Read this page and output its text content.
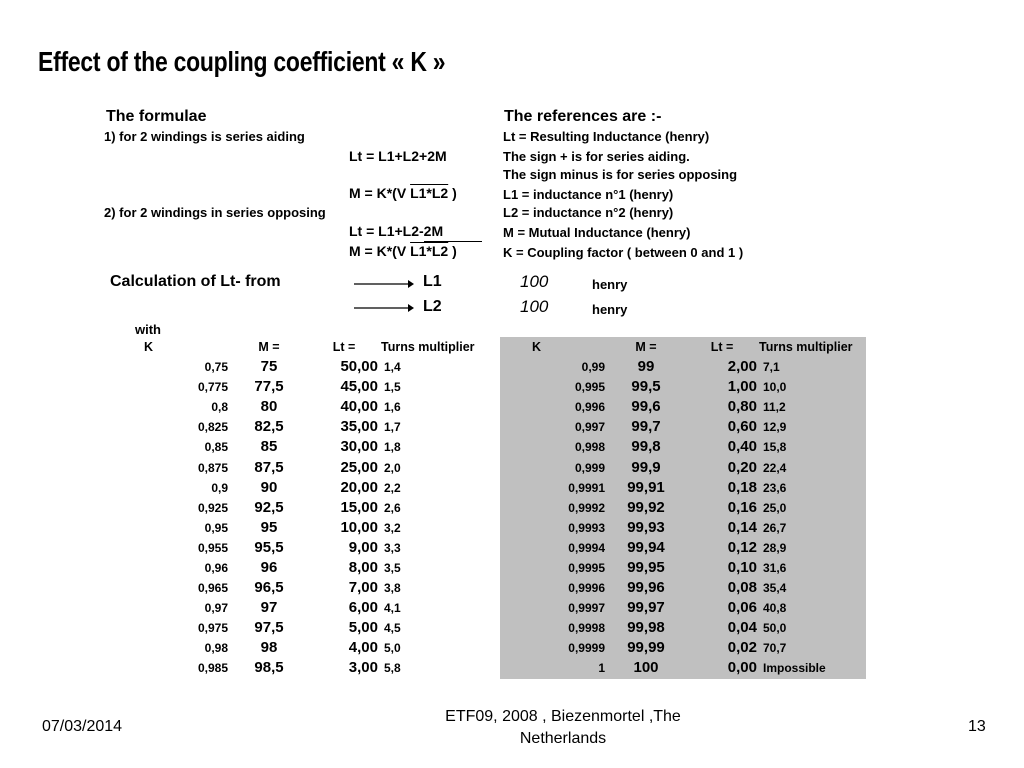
Effect of the coupling coefficient « K »
The formulae
1) for 2 windings is series aiding
Lt = L1+L2+2M
M = K*(V L1*L2 )
2) for 2 windings in series opposing
Lt = L1+L2-2M
M = K*(V L1*L2 )
The references are :-
Lt = Resulting Inductance (henry)
The sign + is for series aiding.
The sign minus is for series opposing
L1 = inductance n°1 (henry)
L2 = inductance n°2 (henry)
M = Mutual Inductance (henry)
K = Coupling factor ( between 0 and 1 )
Calculation of Lt- from	L1	100	henry
L2	100	henry
with
K	M =	Lt =	Turns multiplier
0,75	75	50,00	1,4
0,775	77,5	45,00	1,5
0,8	80	40,00	1,6
0,825	82,5	35,00	1,7
0,85	85	30,00	1,8
0,875	87,5	25,00	2,0
0,9	90	20,00	2,2
0,925	92,5	15,00	2,6
0,95	95	10,00	3,2
0,955	95,5	9,00	3,3
0,96	96	8,00	3,5
0,965	96,5	7,00	3,8
0,97	97	6,00	4,1
0,975	97,5	5,00	4,5
0,98	98	4,00	5,0
0,985	98,5	3,00	5,8
K	M =	Lt =	Turns multiplier
0,99	99	2,00	7,1
0,995	99,5	1,00	10,0
0,996	99,6	0,80	11,2
0,997	99,7	0,60	12,9
0,998	99,8	0,40	15,8
0,999	99,9	0,20	22,4
0,9991	99,91	0,18	23,6
0,9992	99,92	0,16	25,0
0,9993	99,93	0,14	26,7
0,9994	99,94	0,12	28,9
0,9995	99,95	0,10	31,6
0,9996	99,96	0,08	35,4
0,9997	99,97	0,06	40,8
0,9998	99,98	0,04	50,0
0,9999	99,99	0,02	70,7
1	100	0,00	Impossible
07/03/2014
ETF09, 2008 , Biezenmortel ,The Netherlands
13
